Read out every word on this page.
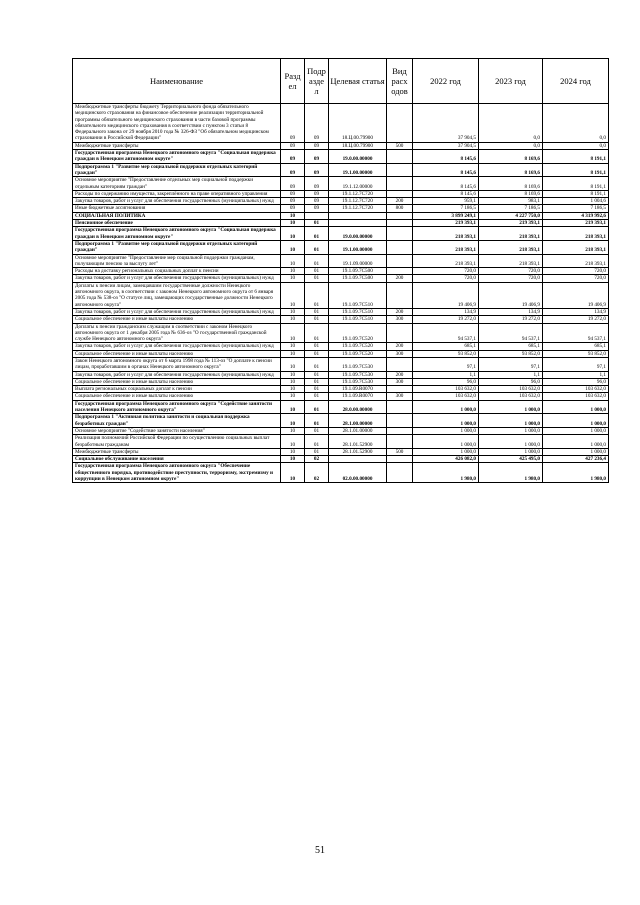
Наименование	Разд ел	Подр азде л	Целевая статья	Вид расх одов	2022 год	2023 год	2024 год
Межбюджетные трансферты бюджету Территориального фонда обязательного медицинского страхования на финансовое обеспечение реализации территориальной программы обязательного медицинского страхования в части базовой программы обязательного медицинского страхования в соответствии с пунктом 3 статьи 8 Федерального закона от 29 ноября 2010 года № 326-ФЗ "Об обязательном медицинском страховании в Российской Федерации"	09	09	18.Ц.00.79900		37 904,5	0,0	0,0
Межбюджетные трансферты	09	09	18.Ц.00.79900	500	37 904,5	0,0	0,0
Государственная программа Ненецкого автономного округа "Социальная поддержка граждан в Ненецком автономном округе"	09	09	19.0.00.00000		8 145,6	8 169,6	8 191,1
Подпрограмма 1 "Развитие мер социальной поддержки отдельных категорий граждан"	09	09	19.1.00.00000		8 145,6	8 169,6	8 191,1
Основное мероприятие "Предоставление отдельных мер социальной поддержки отдельным категориям граждан"	09	09	19.1.12.00000		8 145,6	8 169,6	8 191,1
Расходы по содержанию имущества, закреплённого на праве оперативного управления	09	09	19.1.12.7C720		8 145,6	8 169,6	8 191,1
Закупка товаров, работ и услуг для обеспечения государственных (муниципальных) нужд	09	09	19.1.12.7C720	200	959,1	983,1	1 004,6
Иные бюджетные ассигнования	09	09	19.1.12.7C720	800	7 186,5	7 186,5	7 186,5
СОЦИАЛЬНАЯ ПОЛИТИКА	10				3 899 249,1	4 227 750,0	4 319 992,6
Пенсионное обеспечение	10	01			219 393,1	219 393,1	219 393,1
Государственная программа Ненецкого автономного округа "Социальная поддержка граждан в Ненецком автономном округе"	10	01	19.0.00.00000		218 393,1	218 393,1	218 393,1
Подпрограмма 1 "Развитие мер социальной поддержки отдельных категорий граждан"	10	01	19.1.00.00000		218 393,1	218 393,1	218 393,1
Основное мероприятие "Предоставление мер социальной поддержки гражданам, получающим пенсию за выслугу лет"	10	01	19.1.09.00000		218 393,1	218 393,1	218 393,1
Расходы на доставку региональных социальных доплат к пенсии	10	01	19.1.09.7C500		720,0	720,0	720,0
Закупка товаров, работ и услуг для обеспечения государственных (муниципальных) нужд	10	01	19.1.09.7C500	200	720,0	720,0	720,0
Доплаты к пенсии лицам, замещавшим государственные должности Ненецкого автономного округа, в соответствии с законом Ненецкого автономного округа от 6 января 2005 года № 538-оз "О статусе лиц, замещающих государственные должности Ненецкого автономного округа"	10	01	19.1.09.7C510		19 406,9	19 406,9	19 406,9
Закупка товаров, работ и услуг для обеспечения государственных (муниципальных) нужд	10	01	19.1.09.7C510	200	134,9	134,9	134,9
Социальное обеспечение и иные выплаты населению	10	01	19.1.09.7C510	300	19 272,0	19 272,0	19 272,0
Доплаты к пенсии гражданским служащим в соответствии с законом Ненецкого автономного округа от 1 декабря 2005 года № 636-оз "О государственной гражданской службе Ненецкого автономного округа"	10	01	19.1.09.7C520		94 537,1	94 537,1	94 537,1
Закупка товаров, работ и услуг для обеспечения государственных (муниципальных) нужд	10	01	19.1.09.7C520	200	685,1	685,1	685,1
Социальное обеспечение и иные выплаты населению	10	01	19.1.09.7C520	300	93 852,0	93 852,0	93 852,0
Закон Ненецкого автономного округа от 6 марта 1998 года № 113-оз "О доплате к пенсии лицам, проработавшим в органах Ненецкого автономного округа"	10	01	19.1.09.7C530		97,1	97,1	97,1
Закупка товаров, работ и услуг для обеспечения государственных (муниципальных) нужд	10	01	19.1.09.7C530	200	1,1	1,1	1,1
Социальное обеспечение и иные выплаты населению	10	01	19.1.09.7C530	300	96,0	96,0	96,0
Выплата региональных социальных доплат к пенсии	10	01	19.1.09.R0070		103 632,0	103 632,0	103 632,0
Социальное обеспечение и иные выплаты населению	10	01	19.1.09.R0070	300	103 632,0	103 632,0	103 632,0
Государственная программа Ненецкого автономного округа "Содействие занятости населения Ненецкого автономного округа"	10	01	28.0.00.00000		1 000,0	1 000,0	1 000,0
Подпрограмма 1 "Активная политика занятости и социальная поддержка безработных граждан"	10	01	28.1.00.00000		1 000,0	1 000,0	1 000,0
Основное мероприятие "Содействие занятости населения"	10	01	28.1.01.00000		1 000,0	1 000,0	1 000,0
Реализация полномочий Российской Федерации по осуществлению социальных выплат безработным гражданам	10	01	28.1.01.52900		1 000,0	1 000,0	1 000,0
Межбюджетные трансферты	10	01	28.1.01.52900	500	1 000,0	1 000,0	1 000,0
Социальное обслуживание населения	10	02			426 082,0	425 495,0	427 236,4
Государственная программа Ненецкого автономного округа "Обеспечение общественного порядка, противодействие преступности, терроризму, экстремизму и коррупции в Ненецком автономном округе"	10	02	02.0.00.00000		1 980,0	1 980,0	1 980,0
51
